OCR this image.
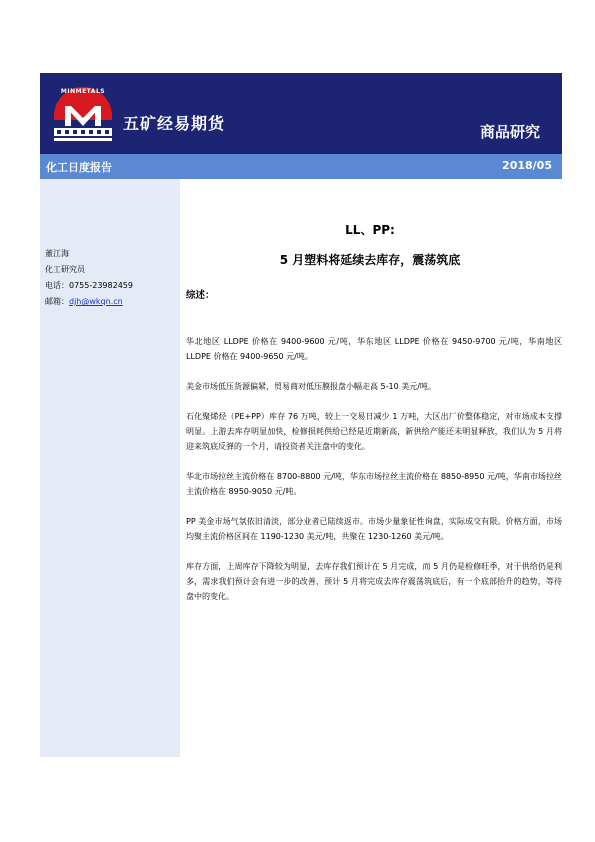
MINMETALS
五矿经易期货	商品研究
化工日度报告	2018/05
董江海
化工研究员
电话：0755-23982459
邮箱：djh@wkqn.cn
LL、PP:
5 月塑料将延续去库存，震荡筑底
综述：

华北地区 LLDPE 价格在 9400-9600 元/吨，华东地区 LLDPE 价格在 9450-9700 元/吨，华南地区 LLDPE 价格在 9400-9650 元/吨。

美金市场低压货源偏紧，贸易商对低压膜报盘小幅走高 5-10 美元/吨。

石化聚烯烃（PE+PP）库存 76 万吨，较上一交易日减少 1 万吨，大区出厂价整体稳定，对市场成本支撑明显。上游去库存明显加快，检修损耗供给已经是近期新高，新供给产能还未明显释放，我们认为 5 月将迎来筑底反弹的一个月，请投资者关注盘中的变化。

华北市场拉丝主流价格在 8700-8800 元/吨，华东市场拉丝主流价格在 8850-8950 元/吨，华南市场拉丝主流价格在 8950-9050 元/吨。

PP 美金市场气氛依旧清淡，部分业者已陆续返市。市场少量象征性询盘，实际成交有限。价格方面，市场均聚主流价格区间在 1190-1230 美元/吨，共聚在 1230-1260 美元/吨。

库存方面，上周库存下降较为明显，去库存我们预计在 5 月完成，而 5 月仍是检修旺季，对于供给仍是利多，需求我们预计会有进一步的改善，预计 5 月将完成去库存震荡筑底后，有一个底部抬升的趋势，等待盘中的变化。
